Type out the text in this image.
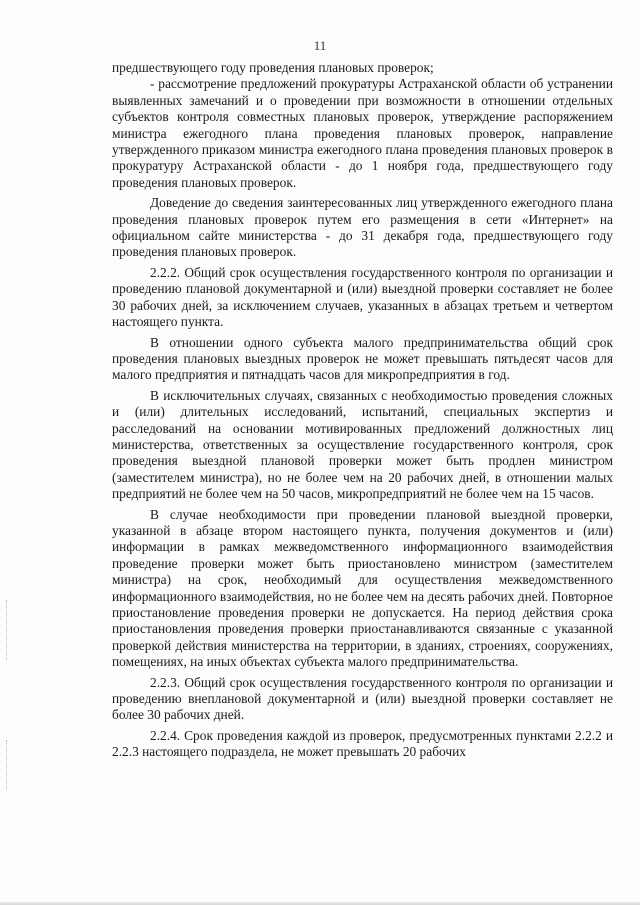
11

предшествующего году проведения плановых проверок;

- рассмотрение предложений прокуратуры Астраханской области об устранении выявленных замечаний и о проведении при возможности в отношении отдельных субъектов контроля совместных плановых проверок, утверждение распоряжением министра ежегодного плана проведения плановых проверок, направление утвержденного приказом министра ежегодного плана проведения плановых проверок в прокуратуру Астраханской области - до 1 ноября года, предшествующего году проведения плановых проверок.

Доведение до сведения заинтересованных лиц утвержденного ежегодного плана проведения плановых проверок путем его размещения в сети «Интернет» на официальном сайте министерства - до 31 декабря года, предшествующего году проведения плановых проверок.

2.2.2. Общий срок осуществления государственного контроля по организации и проведению плановой документарной и (или) выездной проверки составляет не более 30 рабочих дней, за исключением случаев, указанных в абзацах третьем и четвертом настоящего пункта.

В отношении одного субъекта малого предпринимательства общий срок проведения плановых выездных проверок не может превышать пятьдесят часов для малого предприятия и пятнадцать часов для микропредприятия в год.

В исключительных случаях, связанных с необходимостью проведения сложных и (или) длительных исследований, испытаний, специальных экспертиз и расследований на основании мотивированных предложений должностных лиц министерства, ответственных за осуществление государственного контроля, срок проведения выездной плановой проверки может быть продлен министром (заместителем министра), но не более чем на 20 рабочих дней, в отношении малых предприятий не более чем на 50 часов, микропредприятий не более чем на 15 часов.

В случае необходимости при проведении плановой выездной проверки, указанной в абзаце втором настоящего пункта, получения документов и (или) информации в рамках межведомственного информационного взаимодействия проведение проверки может быть приостановлено министром (заместителем министра) на срок, необходимый для осуществления межведомственного информационного взаимодействия, но не более чем на десять рабочих дней. Повторное приостановление проведения проверки не допускается. На период действия срока приостановления проведения проверки приостанавливаются связанные с указанной проверкой действия министерства на территории, в зданиях, строениях, сооружениях, помещениях, на иных объектах субъекта малого предпринимательства.

2.2.3. Общий срок осуществления государственного контроля по организации и проведению внеплановой документарной и (или) выездной проверки составляет не более 30 рабочих дней.

2.2.4. Срок проведения каждой из проверок, предусмотренных пунктами 2.2.2 и 2.2.3 настоящего подраздела, не может превышать 20 рабочих
